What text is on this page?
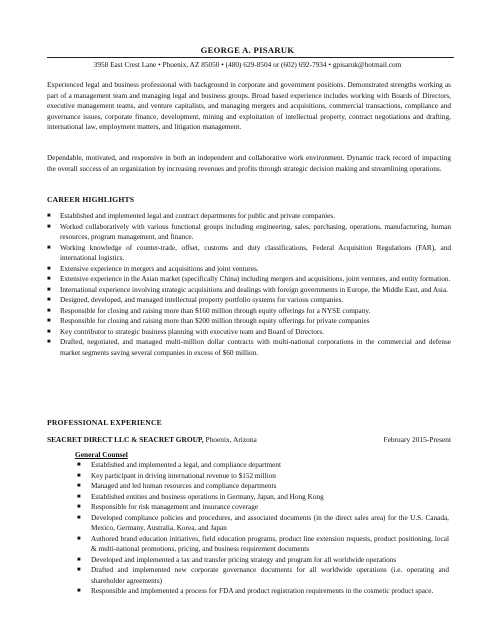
GEORGE A. PISARUK
3958 East Crest Lane • Phoenix, AZ 85050 • (480) 629-8504 or (602) 692-7934 • gpisaruk@hotmail.com
Experienced legal and business professional with background in corporate and government positions. Demonstrated strengths working as part of a management team and managing legal and business groups. Broad based experience includes working with Boards of Directors, executive management teams, and venture capitalists, and managing mergers and acquisitions, commercial transactions, compliance and governance issues, corporate finance, development, mining and exploitation of intellectual property, contract negotiations and drafting, international law, employment matters, and litigation management.
Dependable, motivated, and responsive in both an independent and collaborative work environment. Dynamic track record of impacting the overall success of an organization by increasing revenues and profits through strategic decision making and streamlining operations.
CAREER HIGHLIGHTS
■ Established and implemented legal and contract departments for public and private companies.
■ Worked collaboratively with various functional groups including engineering, sales, purchasing, operations, manufacturing, human resources, program management, and finance.
■ Working knowledge of counter-trade, offset, customs and duty classifications, Federal Acquisition Regulations (FAR), and international logistics.
■ Extensive experience in mergers and acquisitions and joint ventures.
■ Extensive experience in the Asian market (specifically China) including mergers and acquisitions, joint ventures, and entity formation.
■ International experience involving strategic acquisitions and dealings with foreign governments in Europe, the Middle East, and Asia.
■ Designed, developed, and managed intellectual property portfolio systems for various companies.
■ Responsible for closing and raising more than $160 million through equity offerings for a NYSE company.
■ Responsible for closing and raising more than $200 million through equity offerings for private companies
■ Key contributor to strategic business planning with executive team and Board of Directors.
■ Drafted, negotiated, and managed multi-million dollar contracts with multi-national corporations in the commercial and defense market segments saving several companies in excess of $60 million.
PROFESSIONAL EXPERIENCE
SEACRET DIRECT LLC & SEACRET GROUP, Phoenix, Arizona	February 2015-Present
General Counsel
■ Established and implemented a legal, and compliance department
■ Key participant in driving international revenue to $152 million
■ Managed and led human resources and compliance departments
■ Established entities and business operations in Germany, Japan, and Hong Kong
■ Responsible for risk management and insurance coverage
■ Developed compliance policies and procedures, and associated documents (in the direct sales area) for the U.S. Canada, Mexico, Germany, Australia, Korea, and Japan
■ Authored brand education initiatives, field education programs, product line extension requests, product positioning, local & multi-national promotions, pricing, and business requirement documents
■ Developed and implemented a tax and transfer pricing strategy and program for all worldwide operations
■ Drafted and implemented new corporate governance documents for all worldwide operations (i.e. operating and shareholder agreements)
■ Responsible and implemented a process for FDA and product registration requirements in the cosmetic product space.
